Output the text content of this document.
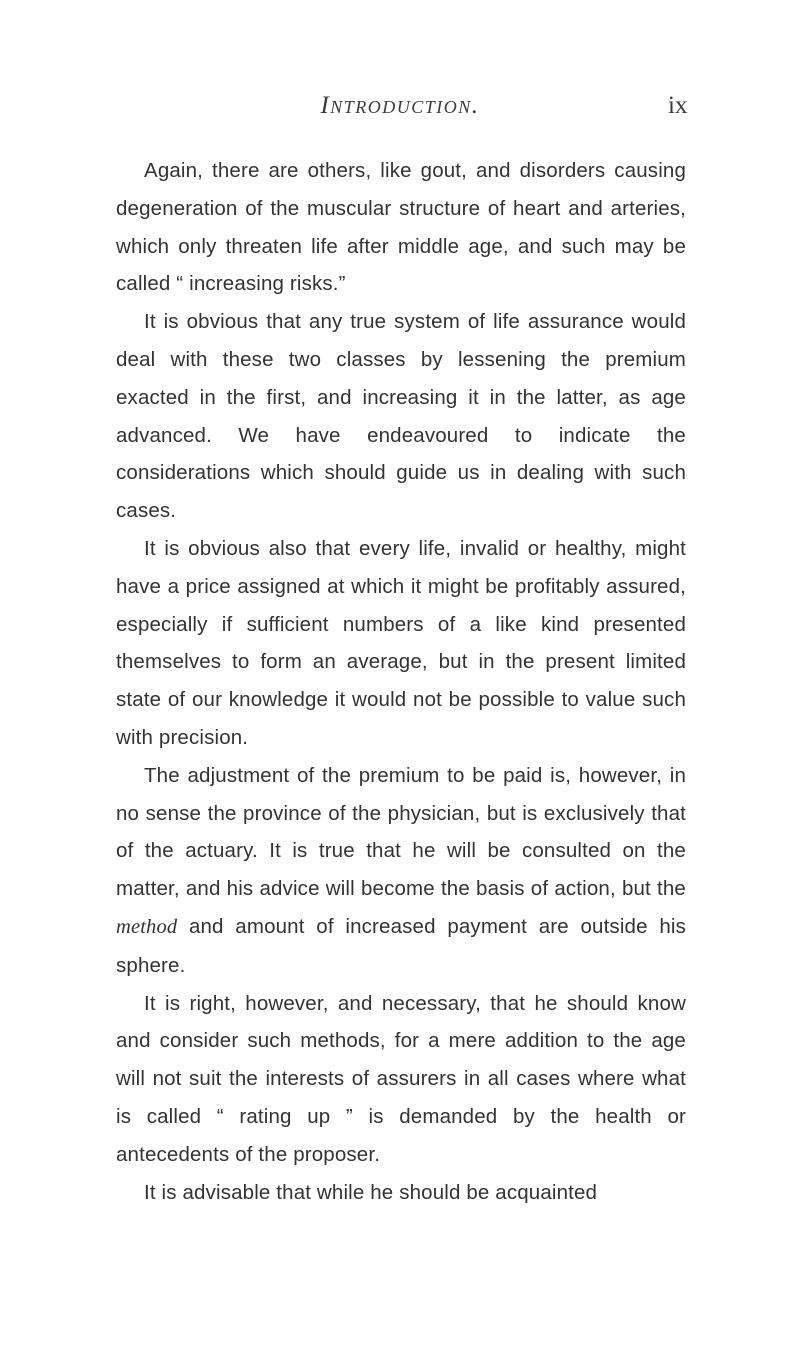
Introduction.	ix

Again, there are others, like gout, and disorders causing degeneration of the muscular structure of heart and arteries, which only threaten life after middle age, and such may be called “ increasing risks.”

It is obvious that any true system of life assurance would deal with these two classes by lessening the premium exacted in the first, and increasing it in the latter, as age advanced. We have endeavoured to indicate the considerations which should guide us in dealing with such cases.

It is obvious also that every life, invalid or healthy, might have a price assigned at which it might be profitably assured, especially if sufficient numbers of a like kind presented themselves to form an average, but in the present limited state of our knowledge it would not be possible to value such with precision.

The adjustment of the premium to be paid is, however, in no sense the province of the physician, but is exclusively that of the actuary. It is true that he will be consulted on the matter, and his advice will become the basis of action, but the method and amount of increased payment are outside his sphere.

It is right, however, and necessary, that he should know and consider such methods, for a mere addition to the age will not suit the interests of assurers in all cases where what is called “ rating up ” is demanded by the health or antecedents of the proposer.

It is advisable that while he should be acquainted
